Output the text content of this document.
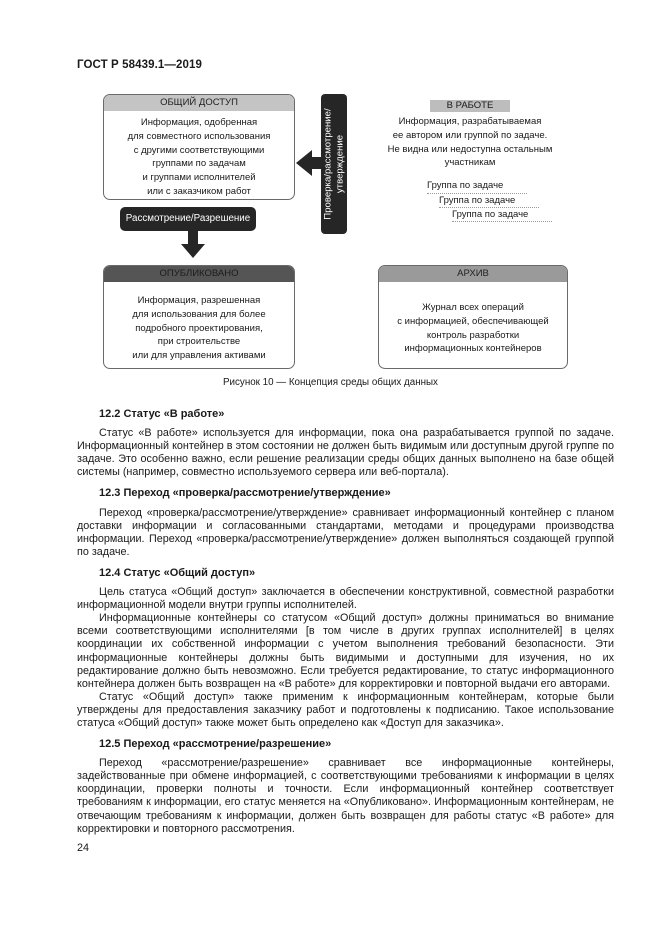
ГОСТ Р 58439.1—2019
ОБЩИЙ ДОСТУП
Информация, одобренная
для совместного использования
с другими соответствующими
группами по задачам
и группами исполнителей
или с заказчиком работ	Проверка/рассмотрение/ утверждение
В РАБОТЕ
Информация, разрабатываемая
ее автором или группой по задаче.
Не видна или недоступна остальным
участникам
Группа по задаче
Группа по задаче
Группа по задаче
Рассмотрение/Разрешение
ОПУБЛИКОВАНО
Информация, разрешенная
для использования для более
подробного проектирования,
при строительстве
или для управления активами
АРХИВ
Журнал всех операций
с информацией, обеспечивающей
контроль разработки
информационных контейнеров
Рисунок 10 — Концепция среды общих данных
12.2 Статус «В работе»

Статус «В работе» используется для информации, пока она разрабатывается группой по задаче. Информационный контейнер в этом состоянии не должен быть видимым или доступным другой группе по задаче. Это особенно важно, если решение реализации среды общих данных выполнено на базе общей системы (например, совместно используемого сервера или веб-портала).

12.3 Переход «проверка/рассмотрение/утверждение»

Переход «проверка/рассмотрение/утверждение» сравнивает информационный контейнер с планом доставки информации и согласованными стандартами, методами и процедурами производства информации. Переход «проверка/рассмотрение/утверждение» должен выполняться создающей группой по задаче.

12.4 Статус «Общий доступ»

Цель статуса «Общий доступ» заключается в обеспечении конструктивной, совместной разработки информационной модели внутри группы исполнителей.

Информационные контейнеры со статусом «Общий доступ» должны приниматься во внимание всеми соответствующими исполнителями [в том числе в других группах исполнителей] в целях координации их собственной информации с учетом выполнения требований безопасности. Эти информационные контейнеры должны быть видимыми и доступными для изучения, но их редактирование должно быть невозможно. Если требуется редактирование, то статус информационного контейнера должен быть возвращен на «В работе» для корректировки и повторной выдачи его авторами.

Статус «Общий доступ» также применим к информационным контейнерам, которые были утверждены для предоставления заказчику работ и подготовлены к подписанию. Такое использование статуса «Общий доступ» также может быть определено как «Доступ для заказчика».

12.5 Переход «рассмотрение/разрешение»

Переход «рассмотрение/разрешение» сравнивает все информационные контейнеры, задействованные при обмене информацией, с соответствующими требованиями к информации в целях координации, проверки полноты и точности. Если информационный контейнер соответствует требованиям к информации, его статус меняется на «Опубликовано». Информационным контейнерам, не отвечающим требованиям к информации, должен быть возвращен для работы статус «В работе» для корректировки и повторного рассмотрения.

24
